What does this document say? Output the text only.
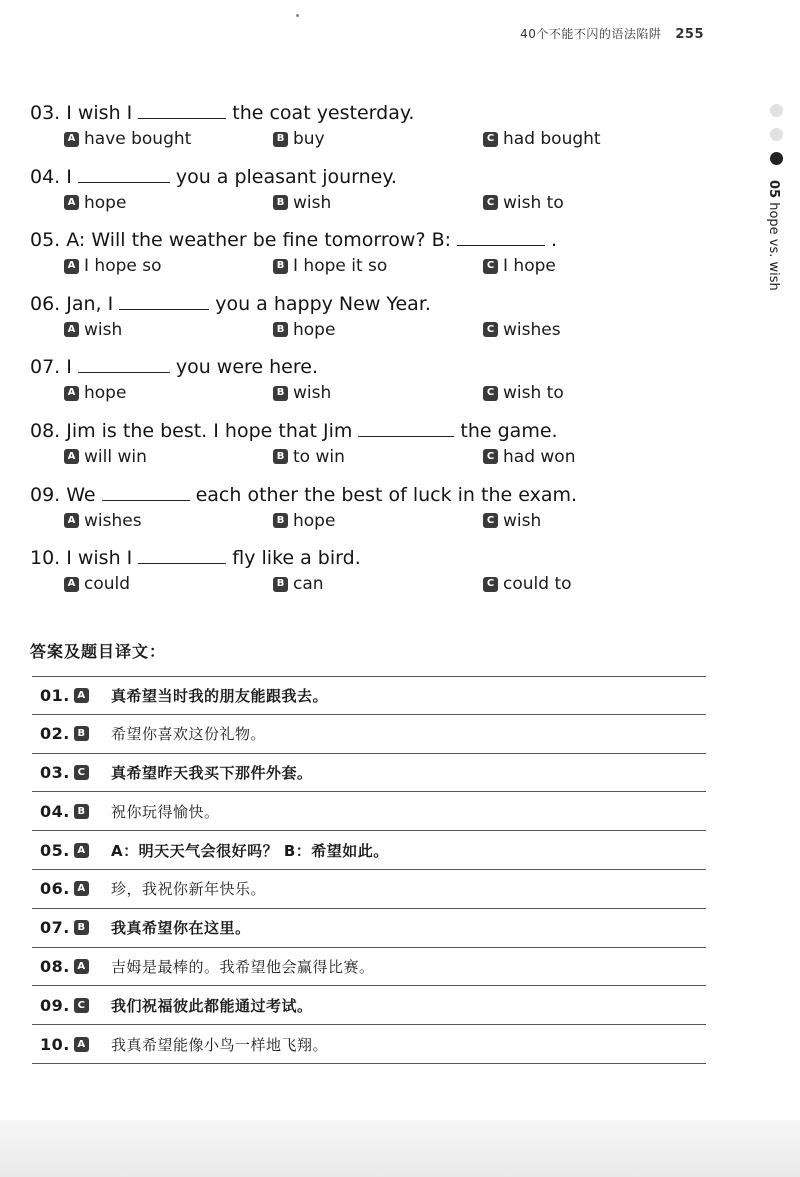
40个不能不闪的语法陷阱 255
05 hope vs. wish
03. I wish I	the coat yesterday.
A have bought	B buy	C had bought
04. I	you a pleasant journey.
A hope	B wish	C wish to
05. A: Will the weather be fine tomorrow? B:	.
A I hope so	B I hope it so	C I hope
06. Jan, I	you a happy New Year.
A wish	B hope	C wishes
07. I	you were here.
A hope	B wish	C wish to
08. Jim is the best. I hope that Jim	the game.
A will win	B to win	C had won
09. We	each other the best of luck in the exam.
A wishes	B hope	C wish
10. I wish I	fly like a bird.
A could	B can	C could to
答案及题目译文：
01. A 真希望当时我的朋友能跟我去。
02. B 希望你喜欢这份礼物。
03. C 真希望昨天我买下那件外套。
04. B 祝你玩得愉快。
05. A A：明天天气会很好吗？ B：希望如此。
06. A 珍，我祝你新年快乐。
07. B 我真希望你在这里。
08. A 吉姆是最棒的。我希望他会赢得比赛。
09. C 我们祝福彼此都能通过考试。
10. A 我真希望能像小鸟一样地飞翔。
